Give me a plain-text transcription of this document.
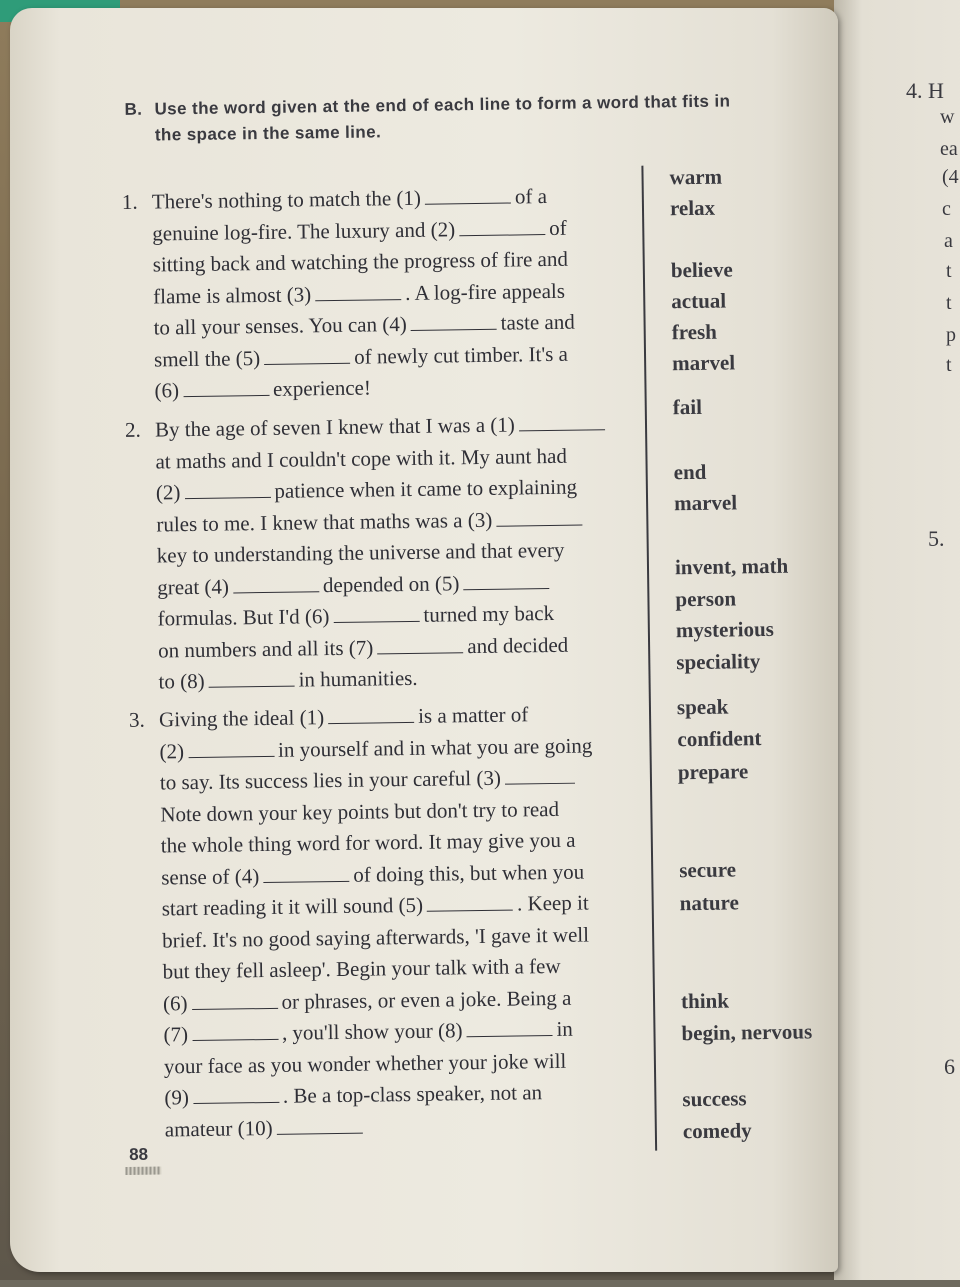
B. Use the word given at the end of each line to form a word that fits in
the space in the same line.
1. There's nothing to match the (1)	of a
genuine log-fire. The luxury and (2)	of
sitting back and watching the progress of fire and
flame is almost (3)	. A log-fire appeals
to all your senses. You can (4)	taste and
smell the (5)	of newly cut timber. It's a
(6)	experience!
2. By the age of seven I knew that I was a (1)
at maths and I couldn't cope with it. My aunt had
(2)	patience when it came to explaining
rules to me. I knew that maths was a (3)
key to understanding the universe and that every
great (4)	depended on (5)
formulas. But I'd (6)	turned my back
on numbers and all its (7)	and decided
to (8)	in humanities.
3. Giving the ideal (1)	is a matter of
(2)	in yourself and in what you are going
to say. Its success lies in your careful (3)
Note down your key points but don't try to read
the whole thing word for word. It may give you a
sense of (4)	of doing this, but when you
start reading it it will sound (5)	. Keep it
brief. It's no good saying afterwards, 'I gave it well
but they fell asleep'. Begin your talk with a few
(6)	or phrases, or even a joke. Being a
(7)	, you'll show your (8)	in
your face as you wonder whether your joke will
(9)	. Be a top-class speaker, not an
amateur (10)
warm
relax
believe
actual
fresh
marvel
fail
end
marvel
invent, math
person
mysterious
speciality
speak
confident
prepare
secure
nature
think
begin, nervous
success
comedy
88
4. H
w
ea
(4
c
a
t
t
p
t
5.
6
